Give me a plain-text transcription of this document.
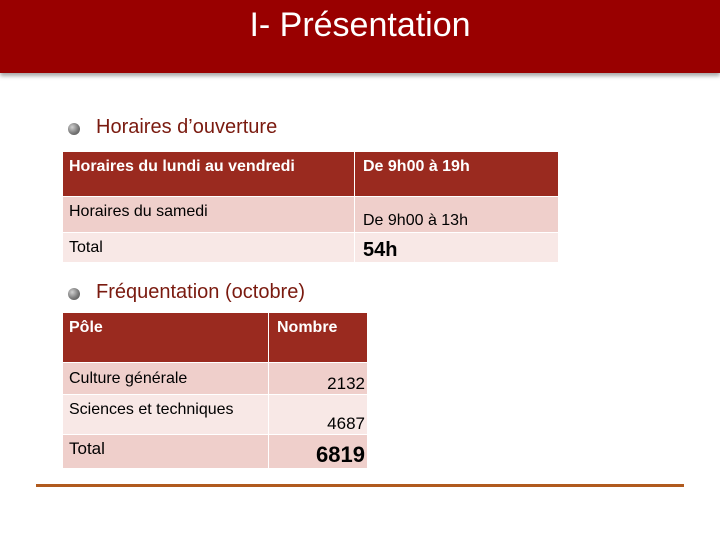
I- Présentation
Horaires d’ouverture
Horaires du lundi au vendredi	De 9h00 à 19h
Horaires du samedi	De 9h00 à 13h
Total	54h
Fréquentation (octobre)
Pôle	Nombre
Culture générale	2132
Sciences et techniques	4687
Total	6819
